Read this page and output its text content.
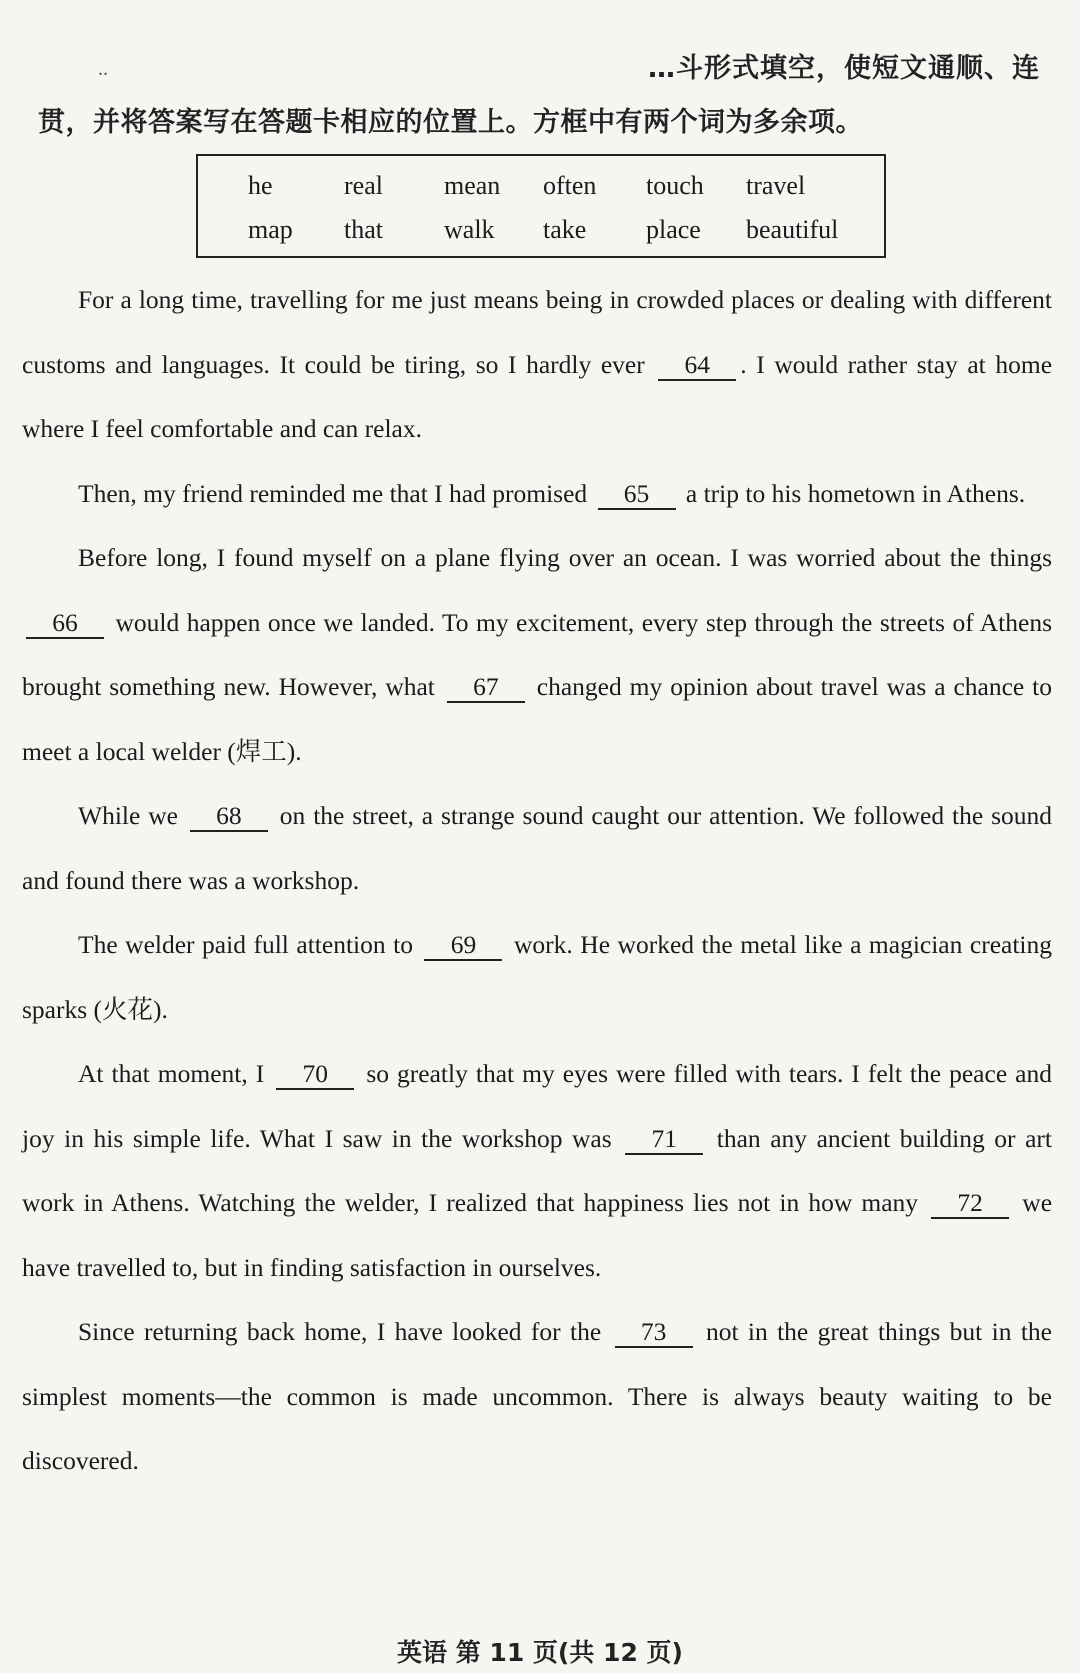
..	…斗形式填空，使短文通顺、连
贯，并将答案写在答题卡相应的位置上。方框中有两个词为多余项。
he	real mean often touch travel
map that walk take place beautiful

For a long time, travelling for me just means being in crowded places or dealing with different customs and languages. It could be tiring, so I hardly ever 64 . I would rather stay at home where I feel comfortable and can relax.

Then, my friend reminded me that I had promised 65 a trip to his hometown in Athens.

Before long, I found myself on a plane flying over an ocean. I was worried about the things 66 would happen once we landed. To my excitement, every step through the streets of Athens brought something new. However, what 67 changed my opinion about travel was a chance to meet a local welder (焊工).

While we 68 on the street, a strange sound caught our attention. We followed the sound and found there was a workshop.

The welder paid full attention to 69 work. He worked the metal like a magician creating sparks (火花).

At that moment, I 70 so greatly that my eyes were filled with tears. I felt the peace and joy in his simple life. What I saw in the workshop was 71 than any ancient building or art work in Athens. Watching the welder, I realized that happiness lies not in how many 72 we have travelled to, but in finding satisfaction in ourselves.

Since returning back home, I have looked for the 73 not in the great things but in the simplest moments—the common is made uncommon. There is always beauty waiting to be discovered.

英语 第 11 页(共 12 页)
